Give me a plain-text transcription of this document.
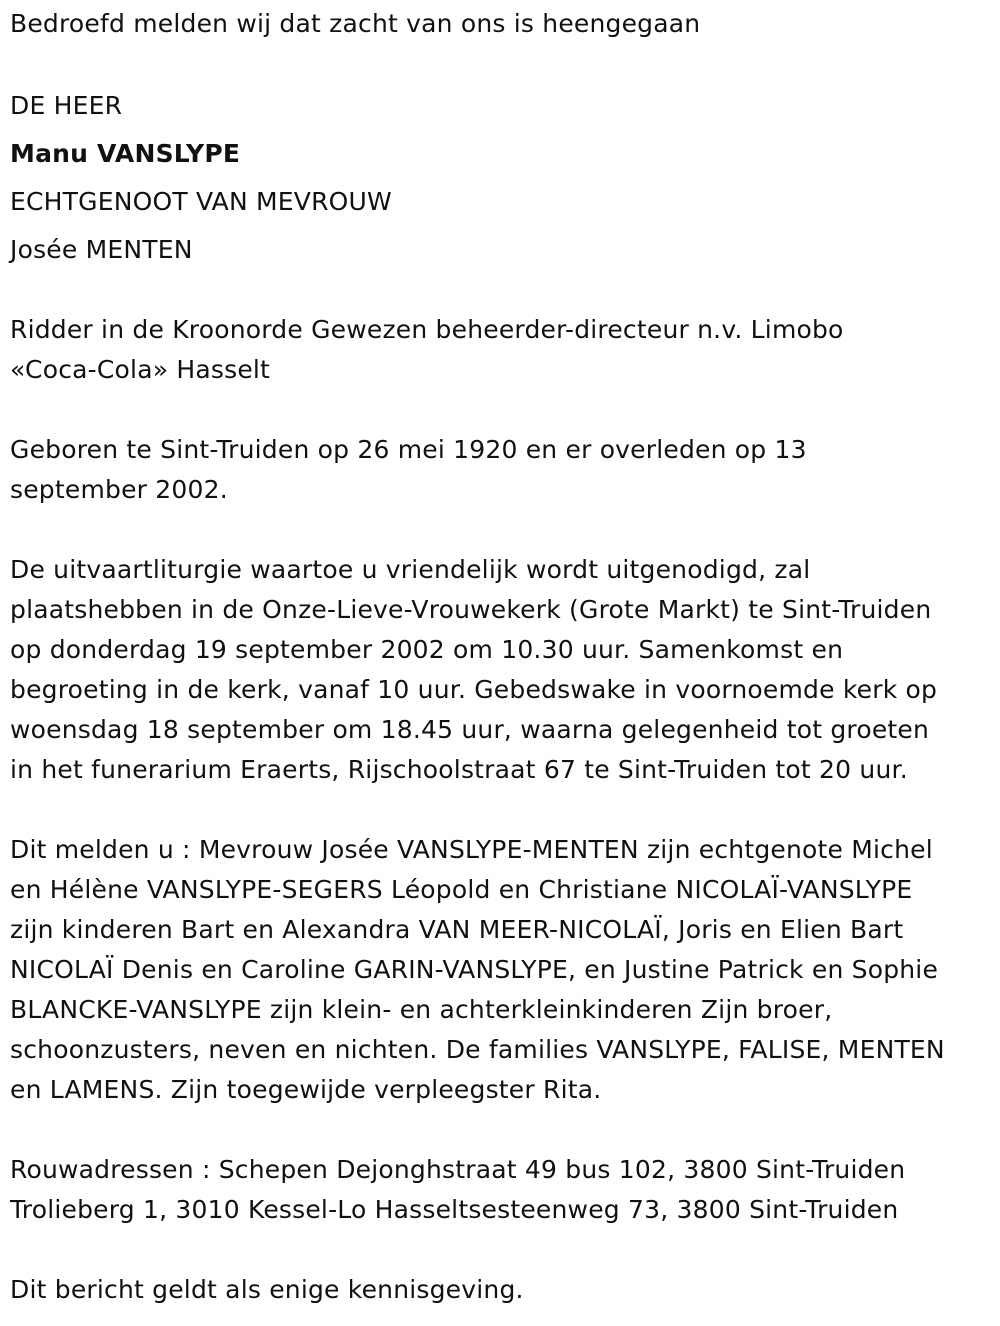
Bedroefd melden wij dat zacht van ons is heengegaan
DE HEER
Manu VANSLYPE
ECHTGENOOT VAN MEVROUW
Josée MENTEN
Ridder in de Kroonorde Gewezen beheerder-directeur n.v. Limobo
«Coca-Cola» Hasselt
Geboren te Sint-Truiden op 26 mei 1920 en er overleden op 13
september 2002.
De uitvaartliturgie waartoe u vriendelijk wordt uitgenodigd, zal
plaatshebben in de Onze-Lieve-Vrouwekerk (Grote Markt) te Sint-Truiden
op donderdag 19 september 2002 om 10.30 uur. Samenkomst en
begroeting in de kerk, vanaf 10 uur. Gebedswake in voornoemde kerk op
woensdag 18 september om 18.45 uur, waarna gelegenheid tot groeten
in het funerarium Eraerts, Rijschoolstraat 67 te Sint-Truiden tot 20 uur.
Dit melden u : Mevrouw Josée VANSLYPE-MENTEN zijn echtgenote Michel
en Hélène VANSLYPE-SEGERS Léopold en Christiane NICOLAÏ-VANSLYPE
zijn kinderen Bart en Alexandra VAN MEER-NICOLAÏ, Joris en Elien Bart
NICOLAÏ Denis en Caroline GARIN-VANSLYPE, en Justine Patrick en Sophie
BLANCKE-VANSLYPE zijn klein- en achterkleinkinderen Zijn broer,
schoonzusters, neven en nichten. De families VANSLYPE, FALISE, MENTEN
en LAMENS. Zijn toegewijde verpleegster Rita.
Rouwadressen : Schepen Dejonghstraat 49 bus 102, 3800 Sint-Truiden
Trolieberg 1, 3010 Kessel-Lo Hasseltsesteenweg 73, 3800 Sint-Truiden
Dit bericht geldt als enige kennisgeving.
